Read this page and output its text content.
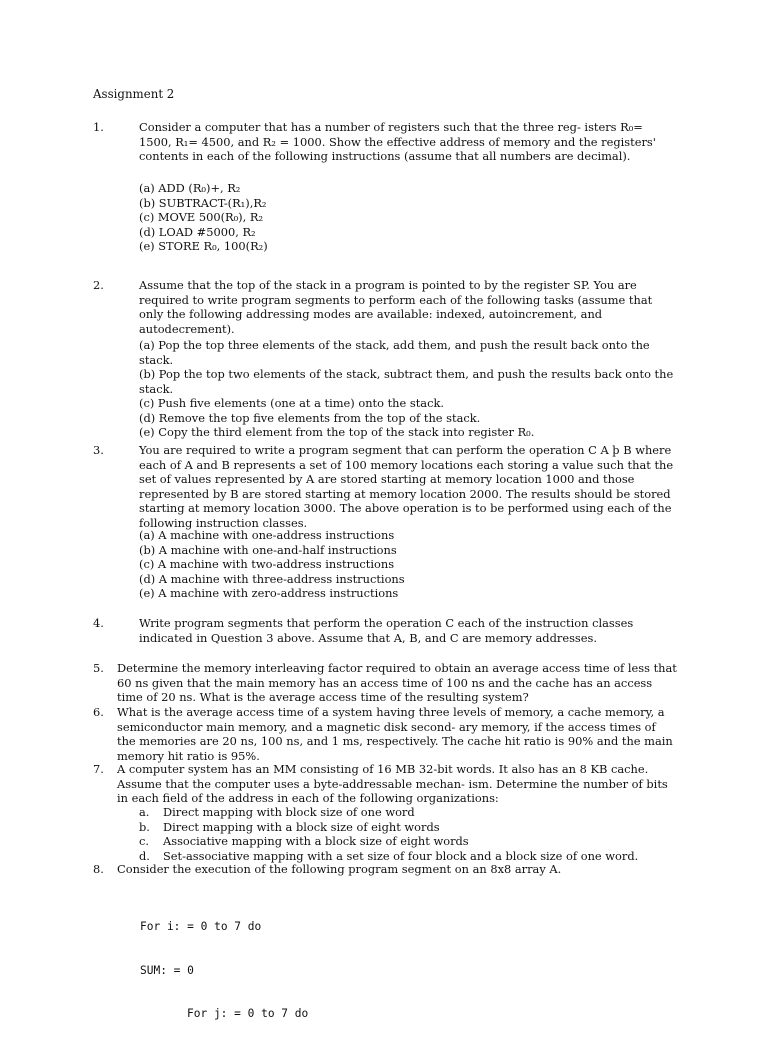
Assignment 2
1.	Consider a computer that has a number of registers such that the three reg- isters R₀= 1500, R₁= 4500, and R₂ = 1000. Show the effective address of memory and the registers' contents in each of the following instructions (assume that all numbers are decimal).
(a) ADD (R₀)+, R₂
(b) SUBTRACT-(R₁),R₂
(c) MOVE 500(R₀), R₂
(d) LOAD #5000, R₂
(e) STORE R₀, 100(R₂)
2.	Assume that the top of the stack in a program is pointed to by the register SP. You are required to write program segments to perform each of the following tasks (assume that only the following addressing modes are available: indexed, autoincrement, and autodecrement).
(a) Pop the top three elements of the stack, add them, and push the result back onto the stack.
(b) Pop the top two elements of the stack, subtract them, and push the results back onto the stack.
(c) Push five elements (one at a time) onto the stack.
(d) Remove the top five elements from the top of the stack.
(e) Copy the third element from the top of the stack into register R₀.
3.	You are required to write a program segment that can perform the operation C A þ B where each of A and B represents a set of 100 memory locations each storing a value such that the set of values represented by A are stored starting at memory location 1000 and those represented by B are stored starting at memory location 2000. The results should be stored starting at memory location 3000. The above operation is to be performed using each of the following instruction classes.
(a) A machine with one-address instructions
(b) A machine with one-and-half instructions
(c) A machine with two-address instructions
(d) A machine with three-address instructions
(e) A machine with zero-address instructions
4.	Write program segments that perform the operation C each of the instruction classes indicated in Question 3 above. Assume that A, B, and C are memory addresses.
5.	Determine the memory interleaving factor required to obtain an average access time of less that 60 ns given that the main memory has an access time of 100 ns and the cache has an access time of 20 ns. What is the average access time of the resulting system?
6.	What is the average access time of a system having three levels of memory, a cache memory, a semiconductor main memory, and a magnetic disk second- ary memory, if the access times of the memories are 20 ns, 100 ns, and 1 ms, respectively. The cache hit ratio is 90% and the main memory hit ratio is 95%.
7.	A computer system has an MM consisting of 16 MB 32-bit words. It also has an 8 KB cache. Assume that the computer uses a byte-addressable mechan- ism. Determine the number of bits in each field of the address in each of the following organizations:
a.	Direct mapping with block size of one word
b.	Direct mapping with a block size of eight words
c.	Associative mapping with a block size of eight words
d.	Set-associative mapping with a set size of four block and a block size of one word.
8.	Consider the execution of the following program segment on an 8x8 array A.

For i: = 0 to 7 do

SUM: = 0

For j: = 0 to 7 do
